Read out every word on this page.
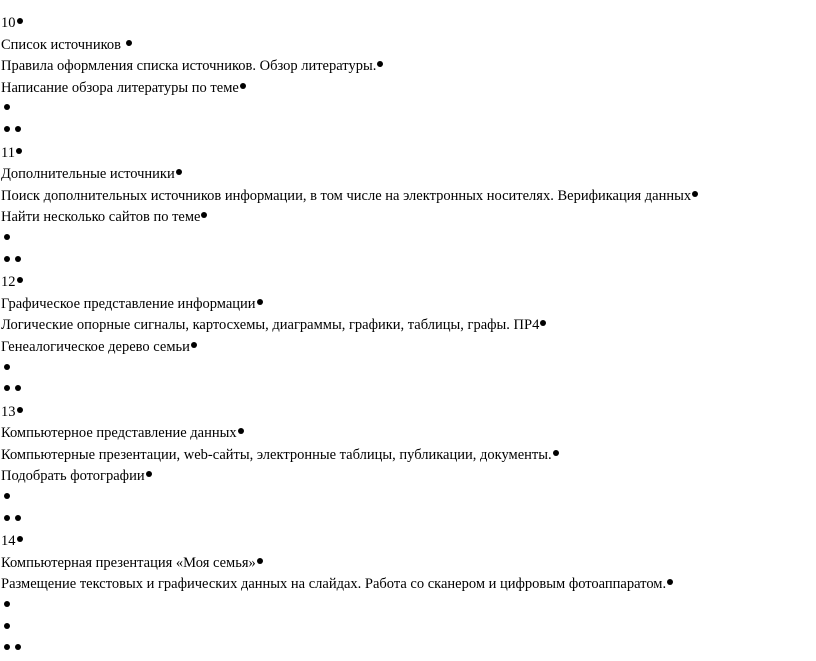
10
Список источников
Правила оформления списка источников. Обзор литературы.
Написание обзора литературы по теме
11
Дополнительные источники
Поиск дополнительных источников информации, в том числе на электронных носителях. Верификация данных
Найти несколько сайтов по теме
12
Графическое представление информации
Логические опорные сигналы, картосхемы, диаграммы, графики, таблицы, графы. ПР4
Генеалогическое дерево семьи
13
Компьютерное представление данных
Компьютерные презентации, web-сайты, электронные таблицы, публикации, документы.
Подобрать фотографии
14
Компьютерная презентация «Моя семья»
Размещение текстовых и графических данных на слайдах. Работа со сканером и цифровым фотоаппаратом.
